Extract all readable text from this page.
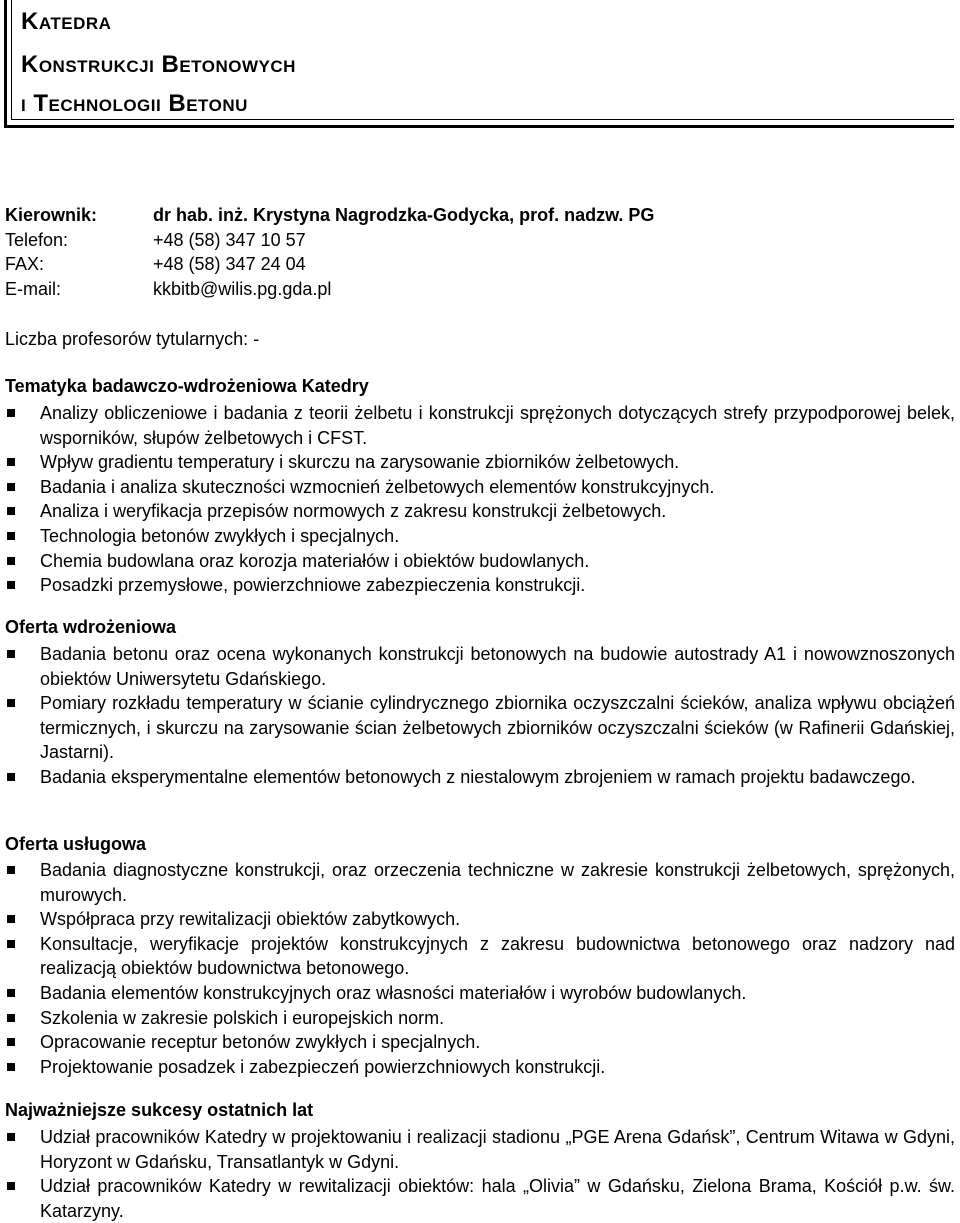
Katedra
Konstrukcji Betonowych
i Technologii Betonu
Kierownik:	dr hab. inż. Krystyna Nagrodzka-Godycka, prof. nadzw. PG
Telefon:	+48 (58) 347 10 57
FAX:	+48 (58) 347 24 04
E-mail:	kkbitb@wilis.pg.gda.pl
Liczba profesorów tytularnych: -
Tematyka badawczo-wdrożeniowa Katedry
Analizy obliczeniowe i badania z teorii żelbetu i konstrukcji sprężonych dotyczących strefy przypodporowej belek, wsporników, słupów żelbetowych i CFST.
Wpływ gradientu temperatury i skurczu na zarysowanie zbiorników żelbetowych.
Badania i analiza skuteczności wzmocnień żelbetowych elementów konstrukcyjnych.
Analiza i weryfikacja przepisów normowych z zakresu konstrukcji żelbetowych.
Technologia betonów zwykłych i specjalnych.
Chemia budowlana oraz korozja materiałów i obiektów budowlanych.
Posadzki przemysłowe, powierzchniowe zabezpieczenia konstrukcji.
Oferta wdrożeniowa
Badania betonu oraz ocena wykonanych konstrukcji betonowych na budowie autostrady A1 i nowowznoszonych obiektów Uniwersytetu Gdańskiego.
Pomiary rozkładu temperatury w ścianie cylindrycznego zbiornika oczyszczalni ścieków, analiza wpływu obciążeń termicznych, i skurczu na zarysowanie ścian żelbetowych zbiorników oczyszczalni ścieków (w Rafinerii Gdańskiej, Jastarni).
Badania eksperymentalne elementów betonowych z niestalowym zbrojeniem w ramach projektu badawczego.
Oferta usługowa
Badania diagnostyczne konstrukcji, oraz orzeczenia techniczne w zakresie konstrukcji żelbetowych, sprężonych, murowych.
Współpraca przy rewitalizacji obiektów zabytkowych.
Konsultacje, weryfikacje projektów konstrukcyjnych z zakresu budownictwa betonowego oraz nadzory nad realizacją obiektów budownictwa betonowego.
Badania elementów konstrukcyjnych oraz własności materiałów i wyrobów budowlanych.
Szkolenia w zakresie polskich i europejskich norm.
Opracowanie receptur betonów zwykłych i specjalnych.
Projektowanie posadzek i zabezpieczeń powierzchniowych konstrukcji.
Najważniejsze sukcesy ostatnich lat
Udział pracowników Katedry w projektowaniu i realizacji stadionu „PGE Arena Gdańsk”, Centrum Witawa w Gdyni, Horyzont w Gdańsku, Transatlantyk w Gdyni.
Udział pracowników Katedry w rewitalizacji obiektów: hala „Olivia” w Gdańsku, Zielona Brama, Kościół p.w. św. Katarzyny.
